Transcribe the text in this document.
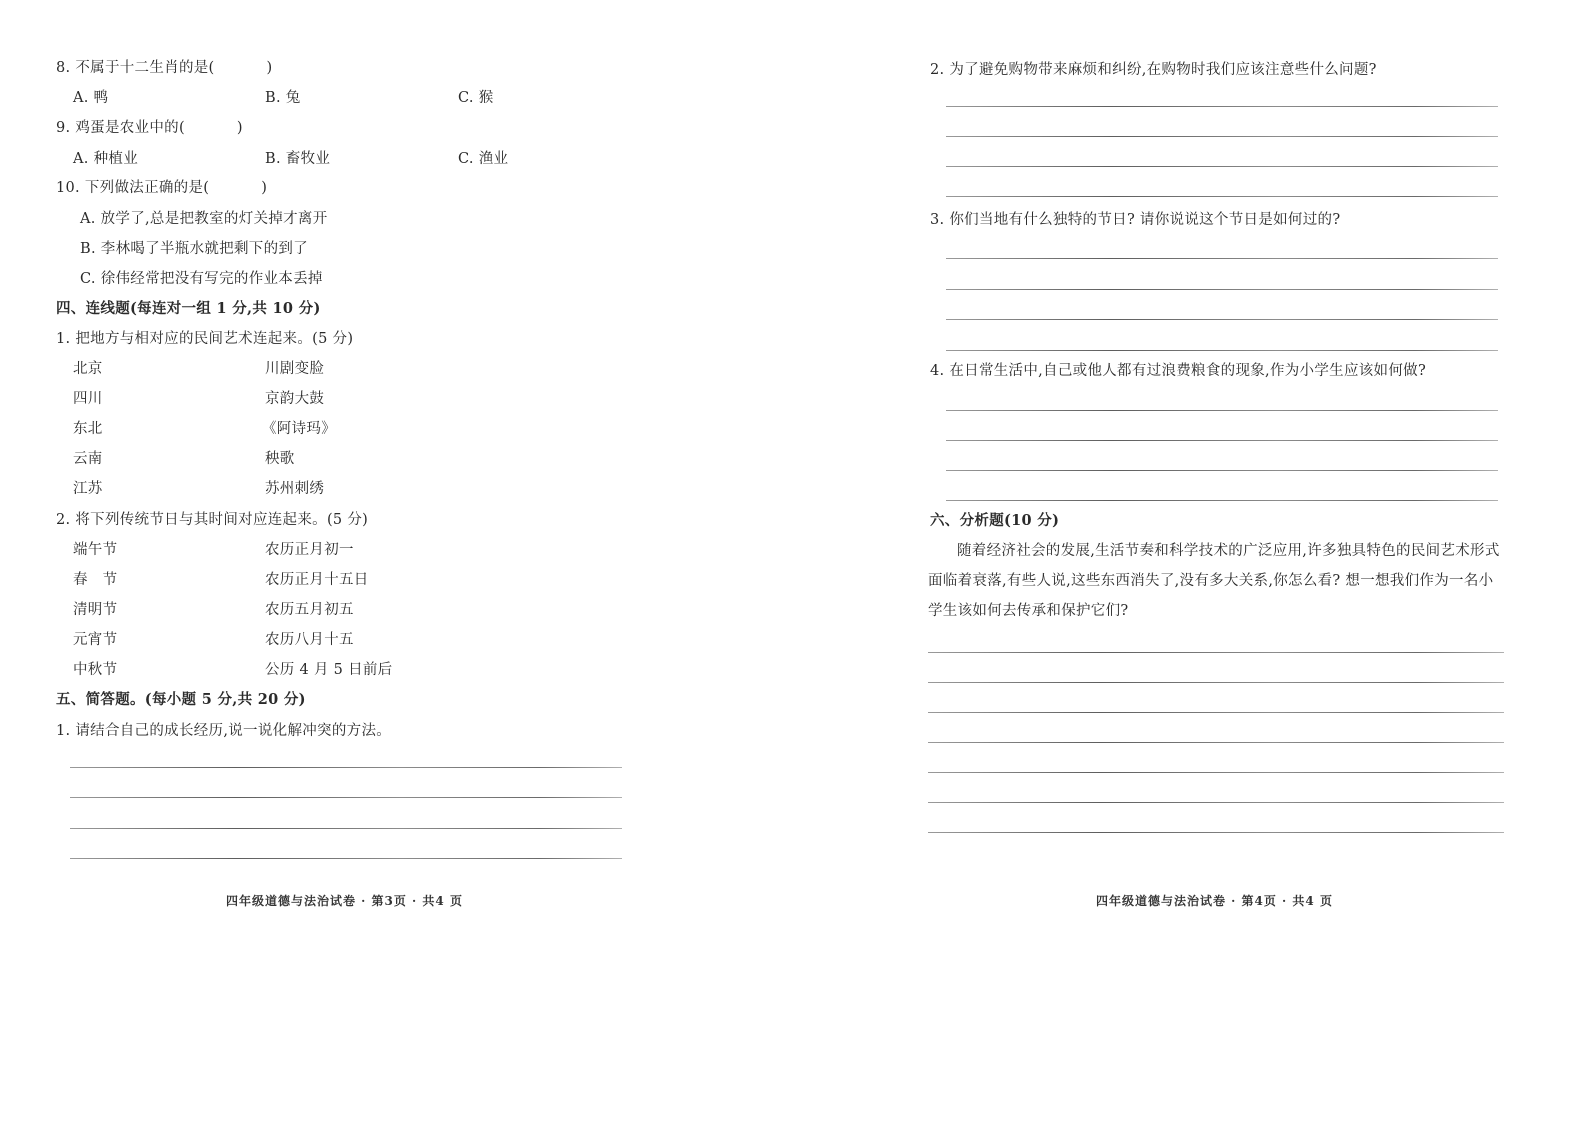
8. 不属于十二生肖的是(	)
A. 鸭	B. 兔	C. 猴
9. 鸡蛋是农业中的(	)
A. 种植业	B. 畜牧业	C. 渔业
10. 下列做法正确的是(	)
A. 放学了,总是把教室的灯关掉才离开
B. 李林喝了半瓶水就把剩下的到了
C. 徐伟经常把没有写完的作业本丢掉
四、连线题(每连对一组 1 分,共 10 分)
1. 把地方与相对应的民间艺术连起来。(5 分)
北京	川剧变脸
四川	京韵大鼓
东北	《阿诗玛》
云南	秧歌
江苏	苏州刺绣
2. 将下列传统节日与其时间对应连起来。(5 分)
端午节	农历正月初一
春　节	农历正月十五日
清明节	农历五月初五
元宵节	农历八月十五
中秋节	公历 4 月 5 日前后
五、简答题。(每小题 5 分,共 20 分)
1. 请结合自己的成长经历,说一说化解冲突的方法。
四年级道德与法治试卷 · 第3页 · 共4 页
2. 为了避免购物带来麻烦和纠纷,在购物时我们应该注意些什么问题?
3. 你们当地有什么独特的节日? 请你说说这个节日是如何过的?
4. 在日常生活中,自己或他人都有过浪费粮食的现象,作为小学生应该如何做?
六、分析题(10 分)
随着经济社会的发展,生活节奏和科学技术的广泛应用,许多独具特色的民间艺术形式面临着衰落,有些人说,这些东西消失了,没有多大关系,你怎么看? 想一想我们作为一名小学生该如何去传承和保护它们?
四年级道德与法治试卷 · 第4页 · 共4 页
